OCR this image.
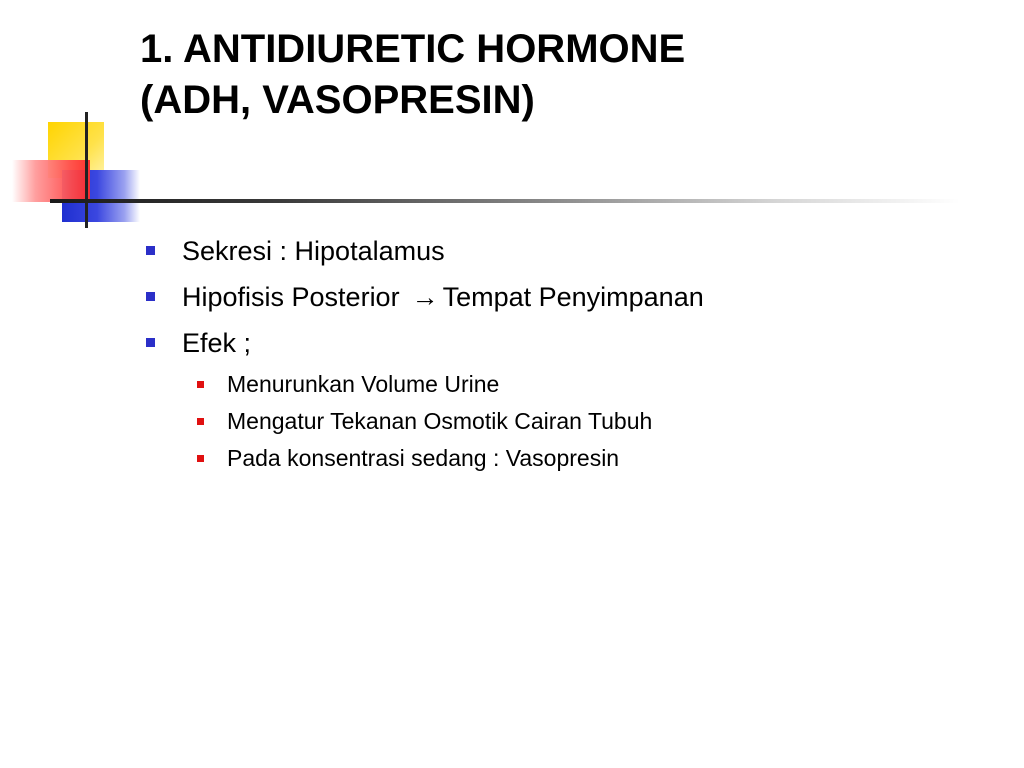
1. ANTIDIURETIC HORMONE
(ADH, VASOPRESIN)
Sekresi : Hipotalamus
Hipofisis Posterior → Tempat Penyimpanan
Efek ;
Menurunkan Volume Urine
Mengatur Tekanan Osmotik Cairan Tubuh
Pada konsentrasi sedang : Vasopresin
